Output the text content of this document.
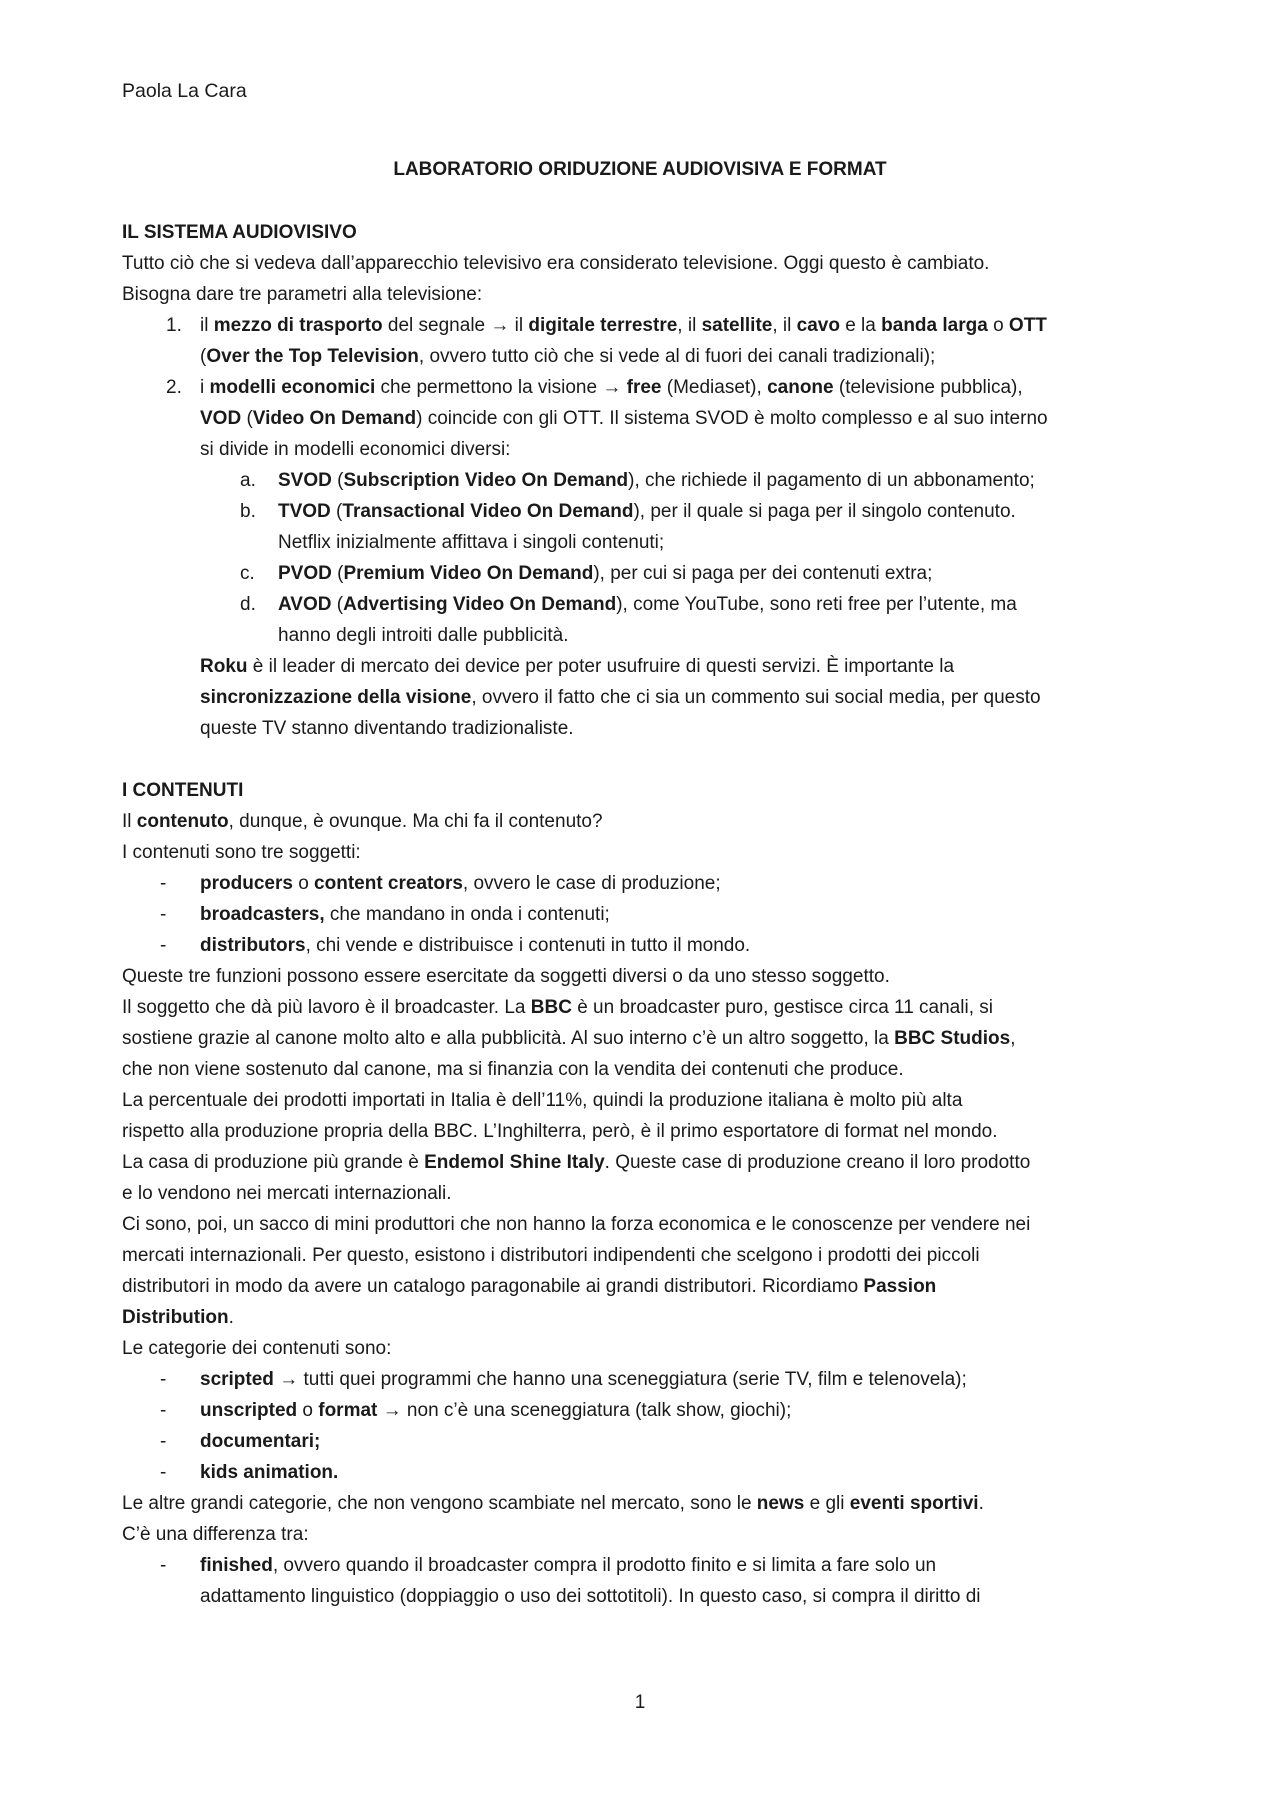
Paola La Cara
LABORATORIO ORIDUZIONE AUDIOVISIVA E FORMAT
IL SISTEMA AUDIOVISIVO
Tutto ciò che si vedeva dall’apparecchio televisivo era considerato televisione. Oggi questo è cambiato.
Bisogna dare tre parametri alla televisione:
1. il mezzo di trasporto del segnale → il digitale terrestre, il satellite, il cavo e la banda larga o OTT
(Over the Top Television, ovvero tutto ciò che si vede al di fuori dei canali tradizionali);
2. i modelli economici che permettono la visione → free (Mediaset), canone (televisione pubblica),
VOD (Video On Demand) coincide con gli OTT. Il sistema SVOD è molto complesso e al suo interno
si divide in modelli economici diversi:
a. SVOD (Subscription Video On Demand), che richiede il pagamento di un abbonamento;
b. TVOD (Transactional Video On Demand), per il quale si paga per il singolo contenuto.
Netflix inizialmente affittava i singoli contenuti;
c. PVOD (Premium Video On Demand), per cui si paga per dei contenuti extra;
d. AVOD (Advertising Video On Demand), come YouTube, sono reti free per l’utente, ma
hanno degli introiti dalle pubblicità.
Roku è il leader di mercato dei device per poter usufruire di questi servizi. È importante la
sincronizzazione della visione, ovvero il fatto che ci sia un commento sui social media, per questo
queste TV stanno diventando tradizionaliste.
I CONTENUTI
Il contenuto, dunque, è ovunque. Ma chi fa il contenuto?
I contenuti sono tre soggetti:
- producers o content creators, ovvero le case di produzione;
- broadcasters, che mandano in onda i contenuti;
- distributors, chi vende e distribuisce i contenuti in tutto il mondo.
Queste tre funzioni possono essere esercitate da soggetti diversi o da uno stesso soggetto.
Il soggetto che dà più lavoro è il broadcaster. La BBC è un broadcaster puro, gestisce circa 11 canali, si
sostiene grazie al canone molto alto e alla pubblicità. Al suo interno c’è un altro soggetto, la BBC Studios,
che non viene sostenuto dal canone, ma si finanzia con la vendita dei contenuti che produce.
La percentuale dei prodotti importati in Italia è dell’11%, quindi la produzione italiana è molto più alta
rispetto alla produzione propria della BBC. L’Inghilterra, però, è il primo esportatore di format nel mondo.
La casa di produzione più grande è Endemol Shine Italy. Queste case di produzione creano il loro prodotto
e lo vendono nei mercati internazionali.
Ci sono, poi, un sacco di mini produttori che non hanno la forza economica e le conoscenze per vendere nei
mercati internazionali. Per questo, esistono i distributori indipendenti che scelgono i prodotti dei piccoli
distributori in modo da avere un catalogo paragonabile ai grandi distributori. Ricordiamo Passion
Distribution.
Le categorie dei contenuti sono:
- scripted → tutti quei programmi che hanno una sceneggiatura (serie TV, film e telenovela);
- unscripted o format → non c’è una sceneggiatura (talk show, giochi);
- documentari;
- kids animation.
Le altre grandi categorie, che non vengono scambiate nel mercato, sono le news e gli eventi sportivi.
C’è una differenza tra:
- finished, ovvero quando il broadcaster compra il prodotto finito e si limita a fare solo un
adattamento linguistico (doppiaggio o uso dei sottotitoli). In questo caso, si compra il diritto di
1
